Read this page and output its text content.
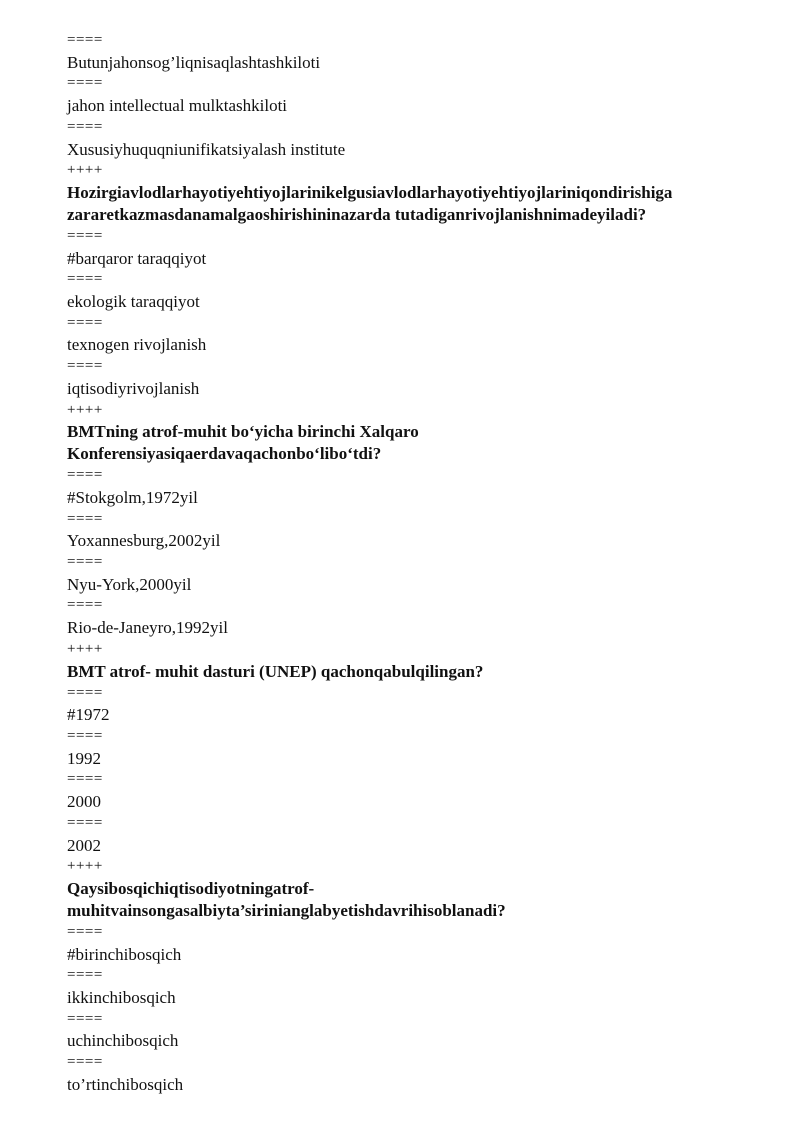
====
Butunjahonsog’liqnisaqlashtashkiloti
====
jahon intellectual mulktashkiloti
====
Xususiyhuquqniunifikatsiyalash institute
++++
Hozirgiavlodlarhayotiyehtiyojlarinikelgusiavlodlarhayotiyehtiyojlariniqondirishiga
zararetkazmasdanamalgaoshirishininazarda tutadiganrivojlanishnimadeyiladi?
====
#barqaror taraqqiyot
====
ekologik taraqqiyot
====
texnogen rivojlanish
====
iqtisodiyrivojlanish
++++
BMTning atrof-muhit bo‘yicha birinchi Xalqaro
Konferensiyasiqaerdavaqachonbo‘libo‘tdi?
====
#Stokgolm,1972yil
====
Yoxannesburg,2002yil
====
Nyu-York,2000yil
====
Rio-de-Janeyro,1992yil
++++
BMT atrof- muhit dasturi (UNEP) qachonqabulqilingan?
====
#1972
====
1992
====
2000
====
2002
++++
Qaysibosqichiqtisodiyotningatrof-
muhitvainsongasalbiyta’sirinianglabyetishdavrihisoblanadi?
====
#birinchibosqich
====
ikkinchibosqich
====
uchinchibosqich
====
to’rtinchibosqich
